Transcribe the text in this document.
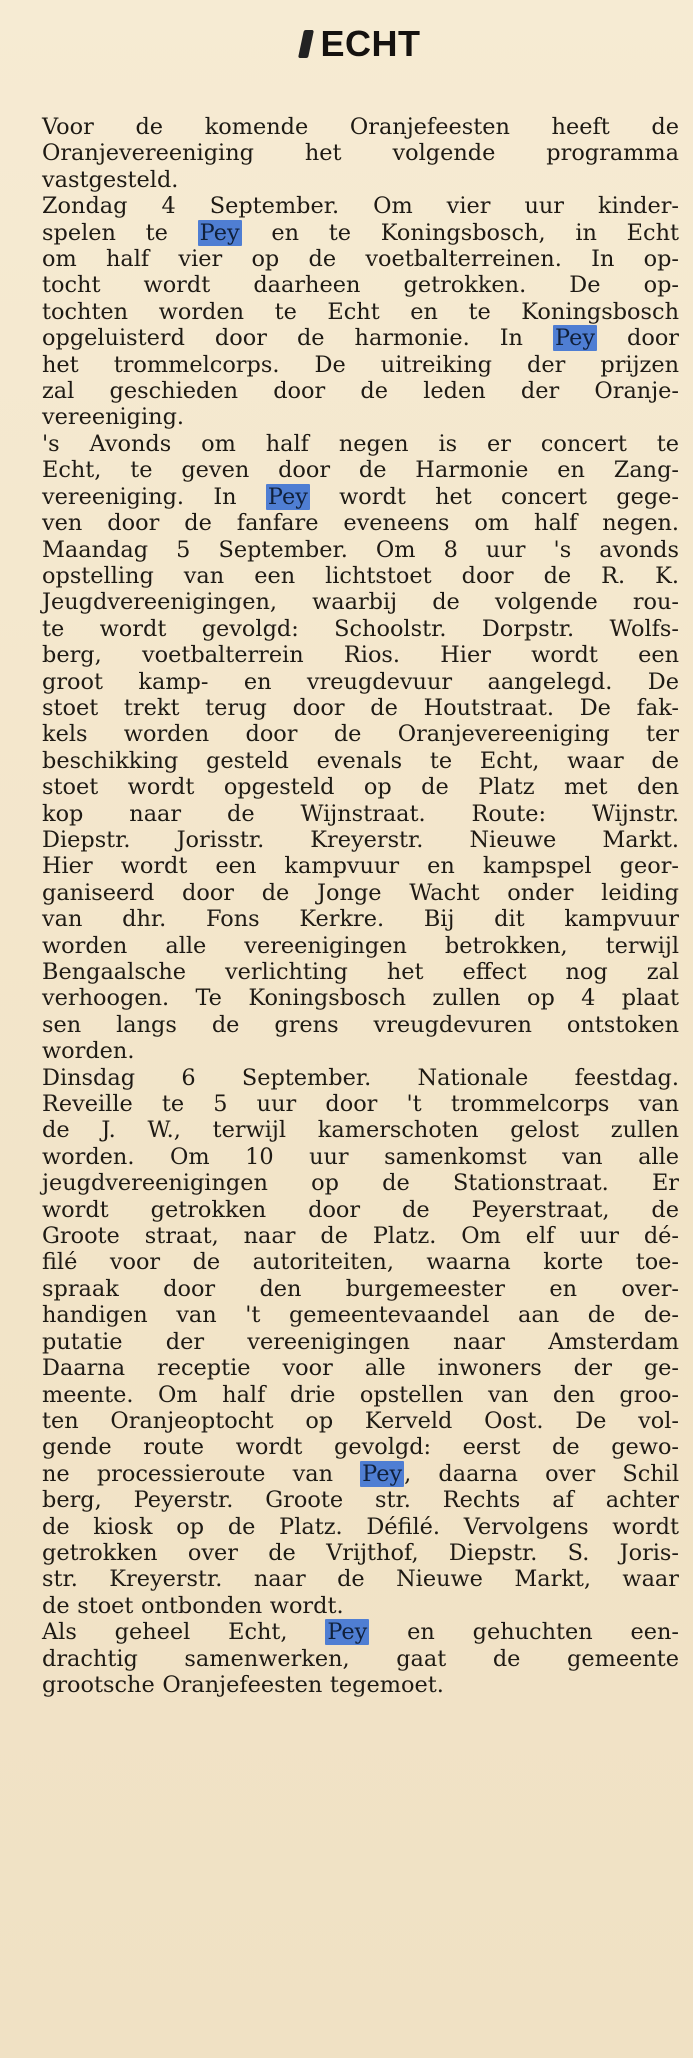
ECHT
Voor de komende Oranjefeesten heeft de
Oranjevereeniging het volgende programma
vastgesteld.
Zondag 4 September. Om vier uur kinder-
spelen te Pey en te Koningsbosch, in Echt
om half vier op de voetbalterreinen. In op-
tocht wordt daarheen getrokken. De op-
tochten worden te Echt en te Koningsbosch
opgeluisterd door de harmonie. In Pey door
het trommelcorps. De uitreiking der prijzen
zal geschieden door de leden der Oranje-
vereeniging.
's Avonds om half negen is er concert te
Echt, te geven door de Harmonie en Zang-
vereeniging. In Pey wordt het concert gege-
ven door de fanfare eveneens om half negen.
Maandag 5 September. Om 8 uur 's avonds
opstelling van een lichtstoet door de R. K.
Jeugdvereenigingen, waarbij de volgende rou-
te wordt gevolgd: Schoolstr. Dorpstr. Wolfs-
berg, voetbalterrein Rios. Hier wordt een
groot kamp- en vreugdevuur aangelegd. De
stoet trekt terug door de Houtstraat. De fak-
kels worden door de Oranjevereeniging ter
beschikking gesteld evenals te Echt, waar de
stoet wordt opgesteld op de Platz met den
kop naar de Wijnstraat. Route: Wijnstr.
Diepstr. Jorisstr. Kreyerstr. Nieuwe Markt.
Hier wordt een kampvuur en kampspel geor-
ganiseerd door de Jonge Wacht onder leiding
van dhr. Fons Kerkre. Bij dit kampvuur
worden alle vereenigingen betrokken, terwijl
Bengaalsche verlichting het effect nog zal
verhoogen. Te Koningsbosch zullen op 4 plaat
sen langs de grens vreugdevuren ontstoken
worden.
Dinsdag 6 September. Nationale feestdag.
Reveille te 5 uur door 't trommelcorps van
de J. W., terwijl kamerschoten gelost zullen
worden. Om 10 uur samenkomst van alle
jeugdvereenigingen op de Stationstraat. Er
wordt getrokken door de Peyerstraat, de
Groote straat, naar de Platz. Om elf uur dé-
filé voor de autoriteiten, waarna korte toe-
spraak door den burgemeester en over-
handigen van 't gemeentevaandel aan de de-
putatie der vereenigingen naar Amsterdam
Daarna receptie voor alle inwoners der ge-
meente. Om half drie opstellen van den groo-
ten Oranjeoptocht op Kerveld Oost. De vol-
gende route wordt gevolgd: eerst de gewo-
ne processieroute van Pey, daarna over Schil
berg, Peyerstr. Groote str. Rechts af achter
de kiosk op de Platz. Défilé. Vervolgens wordt
getrokken over de Vrijthof, Diepstr. S. Joris-
str. Kreyerstr. naar de Nieuwe Markt, waar
de stoet ontbonden wordt.
Als geheel Echt, Pey en gehuchten een-
drachtig samenwerken, gaat de gemeente
grootsche Oranjefeesten tegemoet.
